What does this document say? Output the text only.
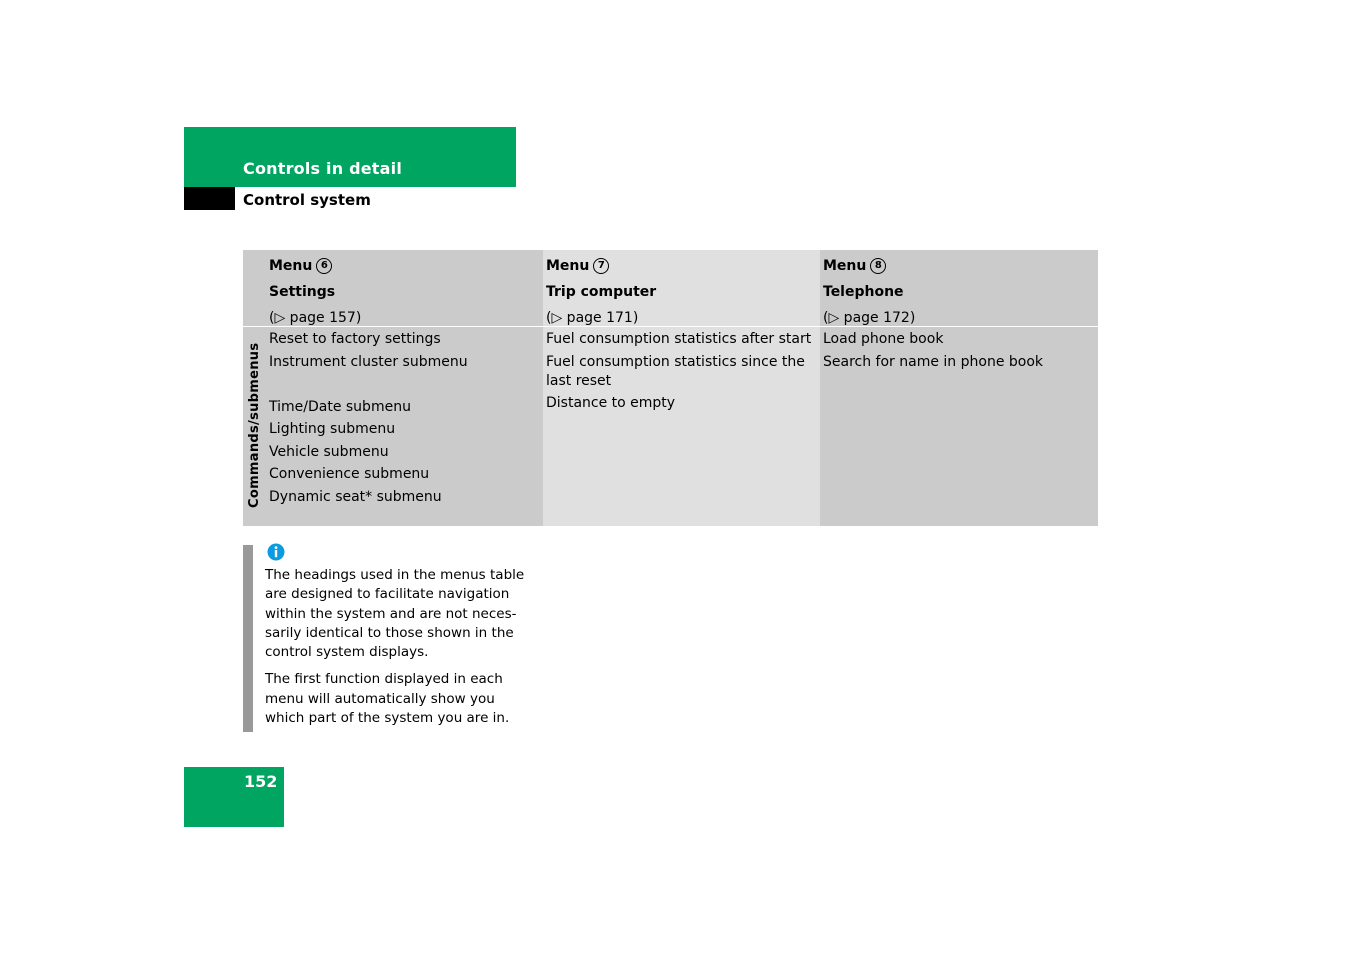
Controls in detail
Control system
Menu 6
Settings
(▷ page 157)
Reset to factory settings
Instrument cluster submenu
Time/Date submenu
Lighting submenu
Vehicle submenu
Convenience submenu
Dynamic seat* submenu
Commands/submenus
Menu 7
Trip computer
(▷ page 171)
Fuel consumption statistics after start
Fuel consumption statistics since the last reset
Distance to empty
Menu 8
Telephone
(▷ page 172)
Load phone book
Search for name in phone book

The headings used in the menus table are designed to facilitate navigation within the system and are not neces-sarily identical to those shown in the control system displays.

The first function displayed in each menu will automatically show you which part of the system you are in.

152
